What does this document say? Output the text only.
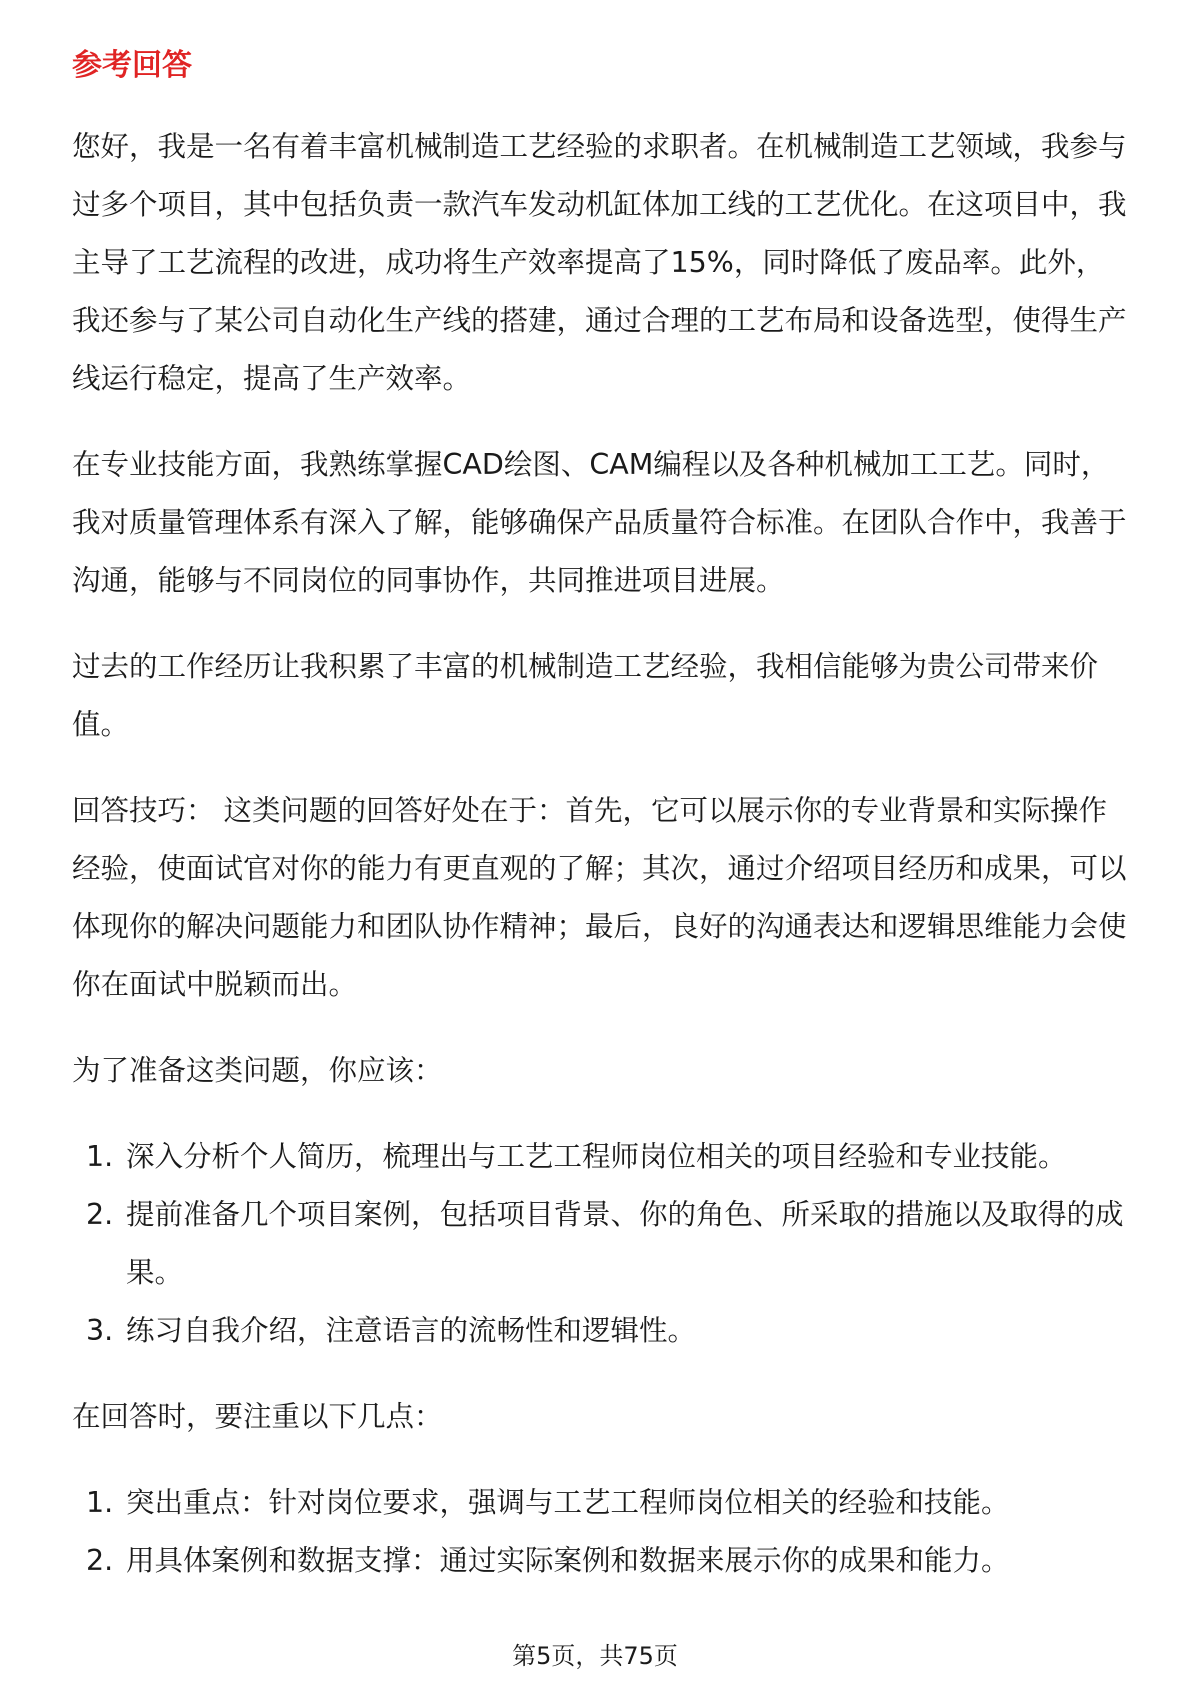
参考回答

您好，我是一名有着丰富机械制造工艺经验的求职者。在机械制造工艺领域，我参与过多个项目，其中包括负责一款汽车发动机缸体加工线的工艺优化。在这项目中，我主导了工艺流程的改进，成功将生产效率提高了15%，同时降低了废品率。此外，我还参与了某公司自动化生产线的搭建，通过合理的工艺布局和设备选型，使得生产线运行稳定，提高了生产效率。

在专业技能方面，我熟练掌握CAD绘图、CAM编程以及各种机械加工工艺。同时，我对质量管理体系有深入了解，能够确保产品质量符合标准。在团队合作中，我善于沟通，能够与不同岗位的同事协作，共同推进项目进展。

过去的工作经历让我积累了丰富的机械制造工艺经验，我相信能够为贵公司带来价值。

回答技巧： 这类问题的回答好处在于：首先，它可以展示你的专业背景和实际操作经验，使面试官对你的能力有更直观的了解；其次，通过介绍项目经历和成果，可以体现你的解决问题能力和团队协作精神；最后，良好的沟通表达和逻辑思维能力会使你在面试中脱颖而出。

为了准备这类问题，你应该：

1. 深入分析个人简历，梳理出与工艺工程师岗位相关的项目经验和专业技能。
2. 提前准备几个项目案例，包括项目背景、你的角色、所采取的措施以及取得的成果。
3. 练习自我介绍，注意语言的流畅性和逻辑性。

在回答时，要注重以下几点：

1. 突出重点：针对岗位要求，强调与工艺工程师岗位相关的经验和技能。
2. 用具体案例和数据支撑：通过实际案例和数据来展示你的成果和能力。
第5页，共75页
